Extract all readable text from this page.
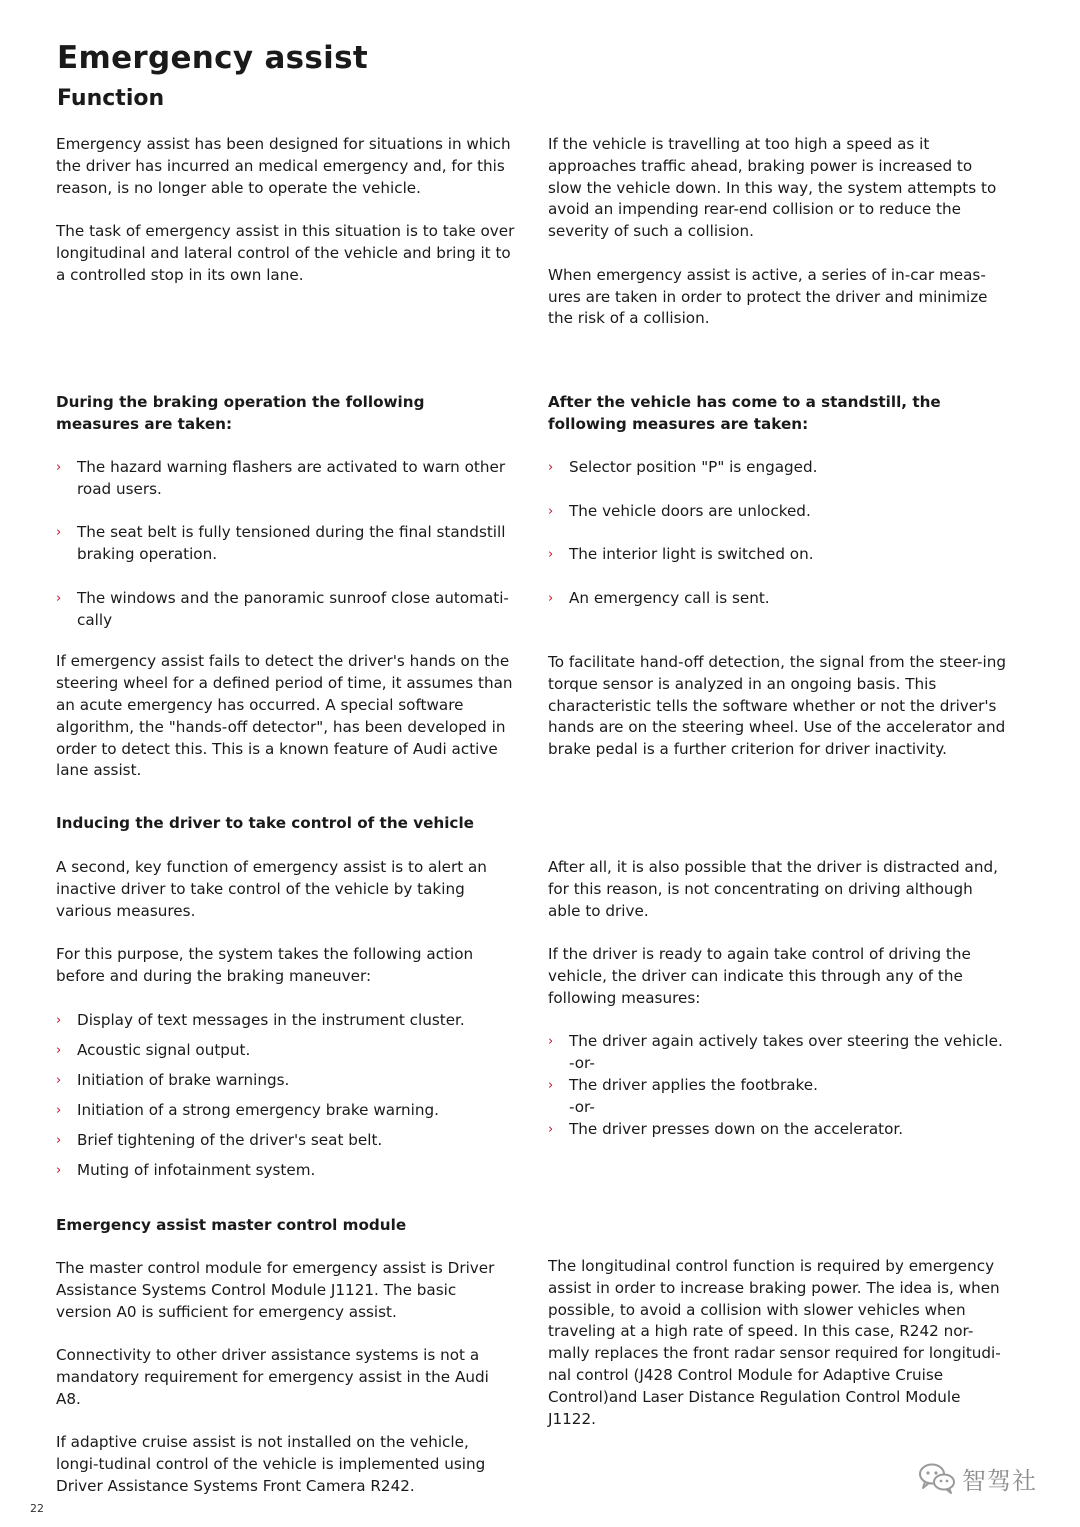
Emergency assist
Function

Emergency assist has been designed for situations in which the driver has incurred an medical emergency and, for this reason, is no longer able to operate the vehicle.

The task of emergency assist in this situation is to take over longitudinal and lateral control of the vehicle and bring it to a controlled stop in its own lane.

If the vehicle is travelling at too high a speed as it approaches traffic ahead, braking power is increased to slow the vehicle down. In this way, the system attempts to avoid an impending rear-end collision or to reduce the severity of such a collision.

When emergency assist is active, a series of in-car meas-ures are taken in order to protect the driver and minimize the risk of a collision.

During the braking operation the following measures are taken:
› The hazard warning flashers are activated to warn other road users.
› The seat belt is fully tensioned during the final standstill braking operation.
› The windows and the panoramic sunroof close automati-cally

If emergency assist fails to detect the driver's hands on the steering wheel for a defined period of time, it assumes than an acute emergency has occurred. A special software algorithm, the "hands-off detector", has been developed in order to detect this. This is a known feature of Audi active lane assist.

After the vehicle has come to a standstill, the following measures are taken:
› Selector position "P" is engaged.
› The vehicle doors are unlocked.
› The interior light is switched on.
› An emergency call is sent.

To facilitate hand-off detection, the signal from the steer-ing torque sensor is analyzed in an ongoing basis. This characteristic tells the software whether or not the driver's hands are on the steering wheel. Use of the accelerator and brake pedal is a further criterion for driver inactivity.

Inducing the driver to take control of the vehicle

A second, key function of emergency assist is to alert an inactive driver to take control of the vehicle by taking various measures.

For this purpose, the system takes the following action before and during the braking maneuver:

› Display of text messages in the instrument cluster.
› Acoustic signal output.
› Initiation of brake warnings.
› Initiation of a strong emergency brake warning.
› Brief tightening of the driver's seat belt.
› Muting of infotainment system.

After all, it is also possible that the driver is distracted and, for this reason, is not concentrating on driving although able to drive.

If the driver is ready to again take control of driving the vehicle, the driver can indicate this through any of the following measures:

› The driver again actively takes over steering the vehicle.
-or-
› The driver applies the footbrake.
-or-
› The driver presses down on the accelerator.
Emergency assist master control module

The master control module for emergency assist is Driver Assistance Systems Control Module J1121. The basic version A0 is sufficient for emergency assist.

Connectivity to other driver assistance systems is not a mandatory requirement for emergency assist in the Audi A8.

If adaptive cruise assist is not installed on the vehicle, longi-tudinal control of the vehicle is implemented using Driver Assistance Systems Front Camera R242.

The longitudinal control function is required by emergency assist in order to increase braking power. The idea is, when possible, to avoid a collision with slower vehicles when traveling at a high rate of speed. In this case, R242 nor-mally replaces the front radar sensor required for longitudi-nal control (J428 Control Module for Adaptive Cruise Control)and Laser Distance Regulation Control Module J1122.

22
智驾社
